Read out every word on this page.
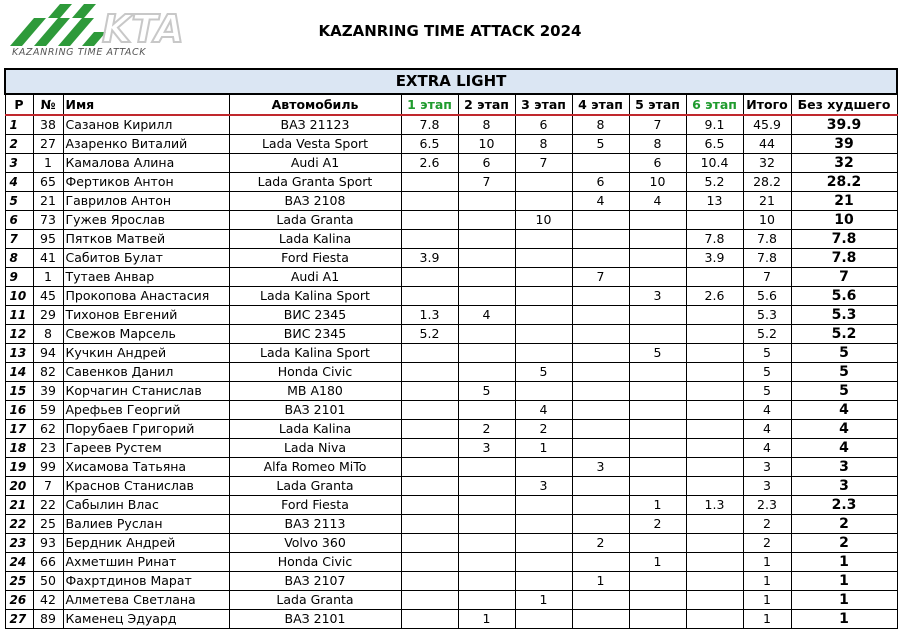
KTA
KAZANRING TIME ATTACK
KAZANRING TIME ATTACK 2024
EXTRA LIGHT											
Р	№	Имя	Автомобиль	1 этап	2 этап	3 этап	4 этап	5 этап	6 этап	Итого	Без худшего
1	38	Сазанов Кирилл	ВАЗ 21123	7.8	8	6	8	7	9.1	45.9	39.9
2	27	Азаренко Виталий	Lada Vesta Sport	6.5	10	8	5	8	6.5	44	39
3	1	Камалова Алина	Audi A1	2.6	6	7		6	10.4	32	32
4	65	Фертиков Антон	Lada Granta Sport		7		6	10	5.2	28.2	28.2
5	21	Гаврилов Антон	ВАЗ 2108				4	4	13	21	21
6	73	Гужев Ярослав	Lada Granta			10				10	10
7	95	Пятков Матвей	Lada Kalina						7.8	7.8	7.8
8	41	Сабитов Булат	Ford Fiesta	3.9					3.9	7.8	7.8
9	1	Тутаев Анвар	Audi A1				7			7	7
10	45	Прокопова Анастасия	Lada Kalina Sport					3	2.6	5.6	5.6
11	29	Тихонов Евгений	ВИС 2345	1.3	4					5.3	5.3
12	8	Свежов Марсель	ВИС 2345	5.2						5.2	5.2
13	94	Кучкин Андрей	Lada Kalina Sport					5		5	5
14	82	Савенков Данил	Honda Civic			5				5	5
15	39	Корчагин Станислав	MB A180		5					5	5
16	59	Арефьев Георгий	ВАЗ 2101			4				4	4
17	62	Порубаев Григорий	Lada Kalina		2	2				4	4
18	23	Гареев Рустем	Lada Niva		3	1				4	4
19	99	Хисамова Татьяна	Alfa Romeo MiTo				3			3	3
20	7	Краснов Станислав	Lada Granta			3				3	3
21	22	Сабылин Влас	Ford Fiesta					1	1.3	2.3	2.3
22	25	Валиев Руслан	ВАЗ 2113					2		2	2
23	93	Бердник Андрей	Volvo 360				2			2	2
24	66	Ахметшин Ринат	Honda Civic					1		1	1
25	50	Фахртдинов Марат	ВАЗ 2107				1			1	1
26	42	Алметева Светлана	Lada Granta			1				1	1
27	89	Каменец Эдуард	ВАЗ 2101		1					1	1
